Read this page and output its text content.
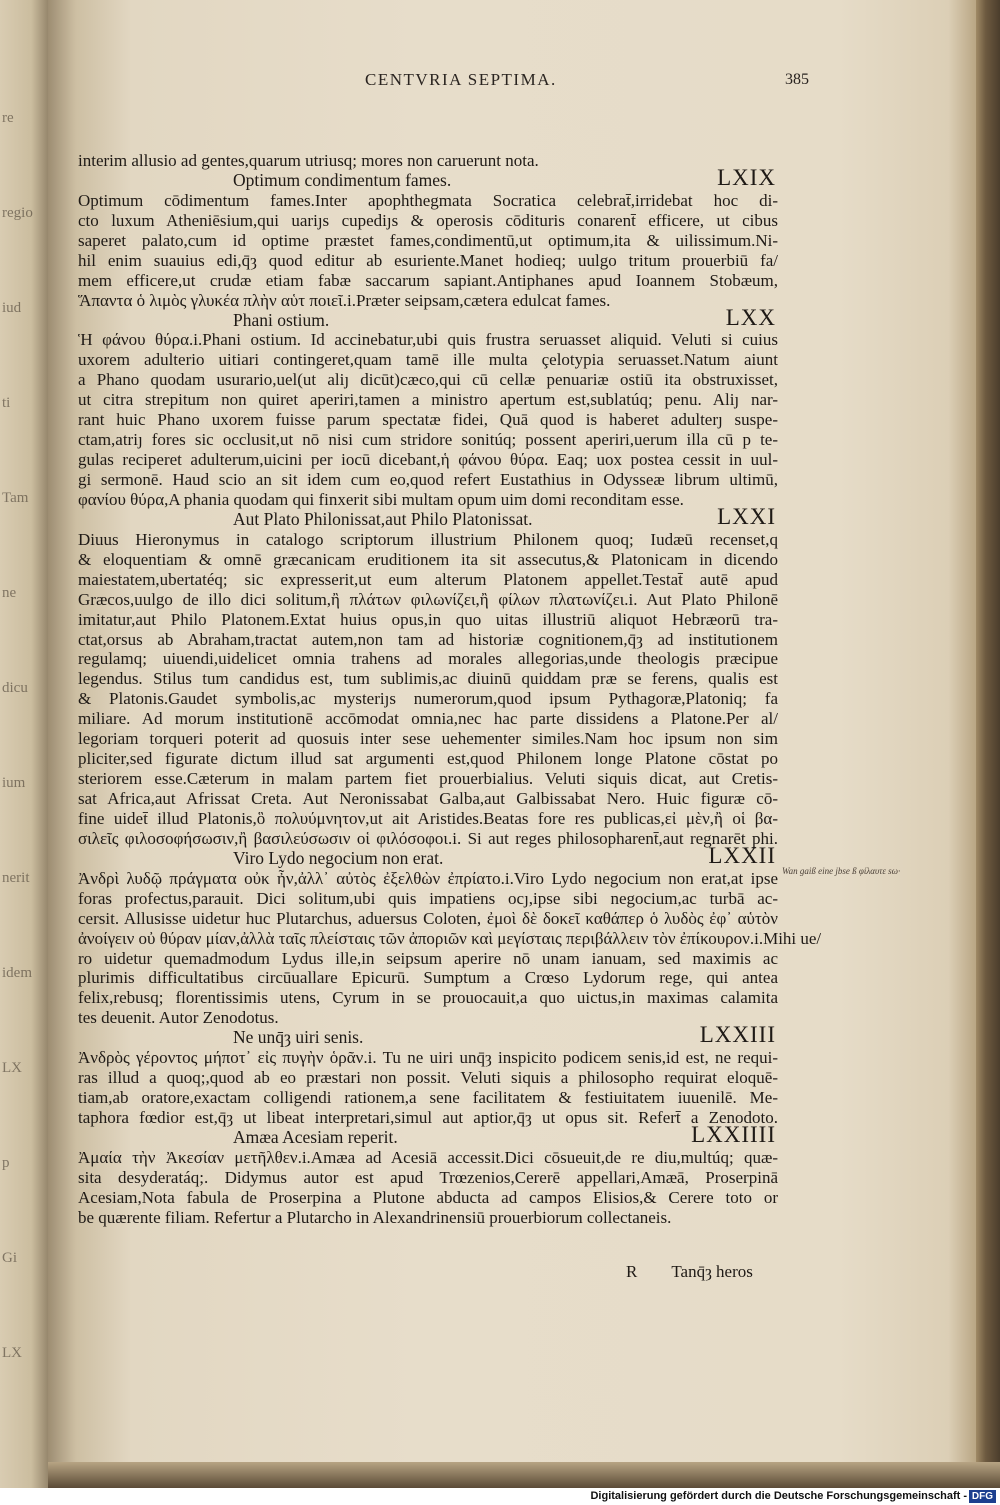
re
regio
iud
ti
Tam
ne
dicu
ium
nerit
idem
LX
p
Gi
LX
CENTVRIA SEPTIMA.	385
interim allusio ad gentes,quarum utriusq; mores non caruerunt nota.
Optimum condimentum fames.	LXIX
Optimum cōdimentum fames.Inter apophthegmata Socratica celebrat̄,irridebat hoc di-
cto luxum Atheniēsium,qui uariȷs cupediȷs & operosis cōdituris conarent̄ efficere, ut cibus
saperet palato,cum id optime præstet fames,condimentū,ut optimum,ita & uilissimum.Ni-
hil enim suauius edi,q̄ȝ quod editur ab esuriente.Manet hodieq; uulgo tritum prouerbiū fa/
mem efficere,ut crudæ etiam fabæ saccarum sapiant.Antiphanes apud Ioannem Stobæum,
Ἅπαντα ὁ λιμὸς γλυκέα πλὴν αὑτ ποιεῖ.i.Præter seipsam,cætera edulcat fames.
Phani ostium.	LXX
Ἡ φάνου θύρα.i.Phani ostium. Id accinebatur,ubi quis frustra seruasset aliquid. Veluti si cuius
uxorem adulterio uitiari contingeret,quam tamē ille multa çelotypia seruasset.Natum aiunt
a Phano quodam usurario,uel(ut aliȷ dicūt)cæco,qui cū cellæ penuariæ ostiū ita obstruxisset,
ut citra strepitum non quiret aperiri,tamen a ministro apertum est,sublatúq; penu. Aliȷ nar-
rant huic Phano uxorem fuisse parum spectatæ fidei, Quā quod is haberet adulterȷ suspe-
ctam,atriȷ fores sic occlusit,ut nō nisi cum stridore sonitúq; possent aperiri,uerum illa cū p te-
gulas reciperet adulterum,uicini per iocū dicebant,ἡ φάνου θύρα. Eaq; uox postea cessit in uul-
gi sermonē. Haud scio an sit idem cum eo,quod refert Eustathius in Odysseæ librum ultimū,
φανίου θύρα,A phania quodam qui finxerit sibi multam opum uim domi reconditam esse.
Aut Plato Philonissat,aut Philo Platonissat.	LXXI
Diuus Hieronymus in catalogo scriptorum illustrium Philonem quoq; Iudæū recenset,q
& eloquentiam & omnē græcanicam eruditionem ita sit assecutus,& Platonicam in dicendo
maiestatem,ubertatéq; sic expresserit,ut eum alterum Platonem appellet.Testat̄ autē apud
Græcos,uulgo de illo dici solitum,ἢ πλάτων φιλωνίζει,ἢ φίλων πλατωνίζει.i. Aut Plato Philonē
imitatur,aut Philo Platonem.Extat huius opus,in quo uitas illustriū aliquot Hebræorū tra-
ctat,orsus ab Abraham,tractat autem,non tam ad historiæ cognitionem,q̄ȝ ad institutionem
regulamq; uiuendi,uidelicet omnia trahens ad morales allegorias,unde theologis præcipue
legendus. Stilus tum candidus est, tum sublimis,ac diuinū quiddam præ se ferens, qualis est
& Platonis.Gaudet symbolis,ac mysteriȷs numerorum,quod ipsum Pythagoræ,Platoniq; fa
miliare. Ad morum institutionē accōmodat omnia,nec hac parte dissidens a Platone.Per al/
legoriam torqueri poterit ad quosuis inter sese uehementer similes.Nam hoc ipsum non sim
pliciter,sed figurate dictum illud sat argumenti est,quod Philonem longe Platone cōstat po
steriorem esse.Cæterum in malam partem fiet prouerbialius. Veluti siquis dicat, aut Cretis-
sat Africa,aut Afrissat Creta. Aut Neronissabat Galba,aut Galbissabat Nero. Huic figuræ cō-
fine uidet̄ illud Platonis,ὃ πολυύμνητον,ut ait Aristides.Beatas fore res publicas,εἰ μὲν,ἢ οἱ βα-
σιλεῖς φιλοσοφήσωσιν,ἢ βασιλεύσωσιν οἱ φιλόσοφοι.i. Si aut reges philosopharent̄,aut regnarēt phi.
Viro Lydo negocium non erat.	LXXII
Ἀνδρὶ λυδῷ πράγματα οὐκ ἦν,ἀλλ᾽ αὐτὸς ἐξελθὼν ἐπρίατο.i.Viro Lydo negocium non erat,at ipse
foras profectus,parauit. Dici solitum,ubi quis impatiens ocȷ,ipse sibi negocium,ac turbā ac-
cersit. Allusisse uidetur huc Plutarchus, aduersus Coloten, ἐμοὶ δὲ δοκεῖ καθάπερ ὁ λυδὸς ἐφ᾽ αὑτὸν
ἀνοίγειν οὐ θύραν μίαν,ἀλλὰ ταῖς πλείσταις τῶν ἀποριῶν καὶ μεγίσταις περιβάλλειν τὸν ἐπίκουρον.i.Mihi ue/
ro uidetur quemadmodum Lydus ille,in seipsum aperire nō unam ianuam, sed maximis ac
plurimis difficultatibus circūuallare Epicurū. Sumptum a Crœso Lydorum rege, qui antea
felix,rebusq; florentissimis utens, Cyrum in se prouocauit,a quo uictus,in maximas calamita
tes deuenit. Autor Zenodotus.
Ne unq̄ȝ uiri senis.	LXXIII
Ἀνδρὸς γέροντος μήποτ᾽ εἰς πυγὴν ὁρᾶν.i. Tu ne uiri unq̄ȝ inspicito podicem senis,id est, ne requi-
ras illud a quoq;,quod ab eo præstari non possit. Veluti siquis a philosopho requirat eloquē-
tiam,ab oratore,exactam colligendi rationem,a sene facilitatem & festiuitatem iuuenilē. Me-
taphora fœdior est,q̄ȝ ut libeat interpretari,simul aut aptior,q̄ȝ ut opus sit. Refert̄ a Zenodoto.
Amæa Acesiam reperit.	LXXIIII
Ἀμαία τὴν Ἀκεσίαν μετῆλθεν.i.Amæa ad Acesiā accessit.Dici cōsueuit,de re diu,multúq; quæ-
sita desyderatáq;. Didymus autor est apud Trœzenios,Cererē appellari,Amæā, Proserpinā
Acesiam,Nota fabula de Proserpina a Plutone abducta ad campos Elisios,& Cerere toto or
be quærente filiam. Refertur a Plutarcho in Alexandrinensiū prouerbiorum collectaneis.
Wan gaiß eine jbse ß φίλαυτε sω·
R Tanq̄ȝ heros
Digitalisierung gefördert durch die Deutsche Forschungsgemeinschaft - DFG
